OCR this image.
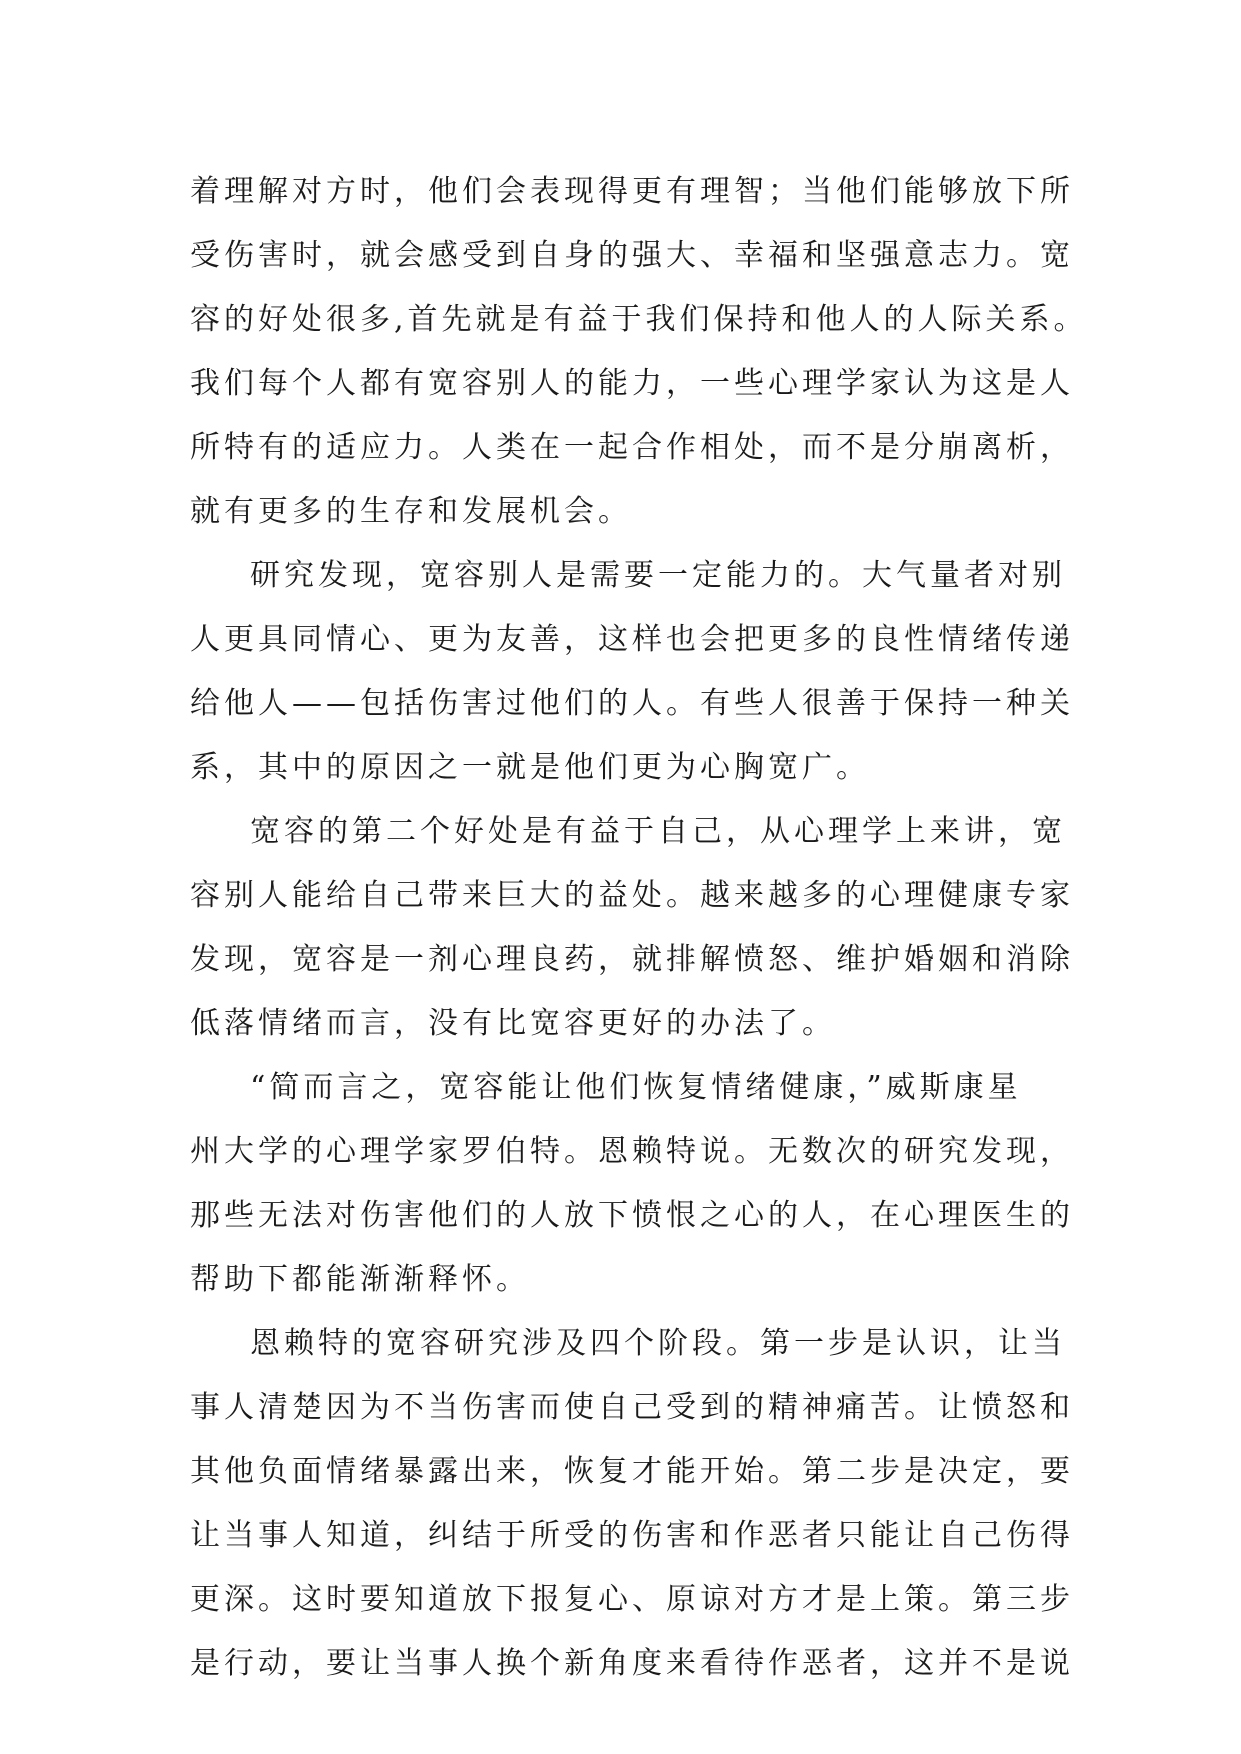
着理解对方时，他们会表现得更有理智；当他们能够放下所
受伤害时，就会感受到自身的强大、幸福和坚强意志力。宽
容的好处很多,首先就是有益于我们保持和他人的人际关系。
我们每个人都有宽容别人的能力，一些心理学家认为这是人
所特有的适应力。人类在一起合作相处，而不是分崩离析，
就有更多的生存和发展机会。
研究发现，宽容别人是需要一定能力的。大气量者对别
人更具同情心、更为友善，这样也会把更多的良性情绪传递
给他人——包括伤害过他们的人。有些人很善于保持一种关
系，其中的原因之一就是他们更为心胸宽广。
宽容的第二个好处是有益于自己，从心理学上来讲，宽
容别人能给自己带来巨大的益处。越来越多的心理健康专家
发现，宽容是一剂心理良药，就排解愤怒、维护婚姻和消除
低落情绪而言，没有比宽容更好的办法了。
“简而言之，宽容能让他们恢复情绪健康，”威斯康星
州大学的心理学家罗伯特。恩赖特说。无数次的研究发现，
那些无法对伤害他们的人放下愤恨之心的人，在心理医生的
帮助下都能渐渐释怀。
恩赖特的宽容研究涉及四个阶段。第一步是认识，让当
事人清楚因为不当伤害而使自己受到的精神痛苦。让愤怒和
其他负面情绪暴露出来，恢复才能开始。第二步是决定，要
让当事人知道，纠结于所受的伤害和作恶者只能让自己伤得
更深。这时要知道放下报复心、原谅对方才是上策。第三步
是行动，要让当事人换个新角度来看待作恶者，这并不是说
